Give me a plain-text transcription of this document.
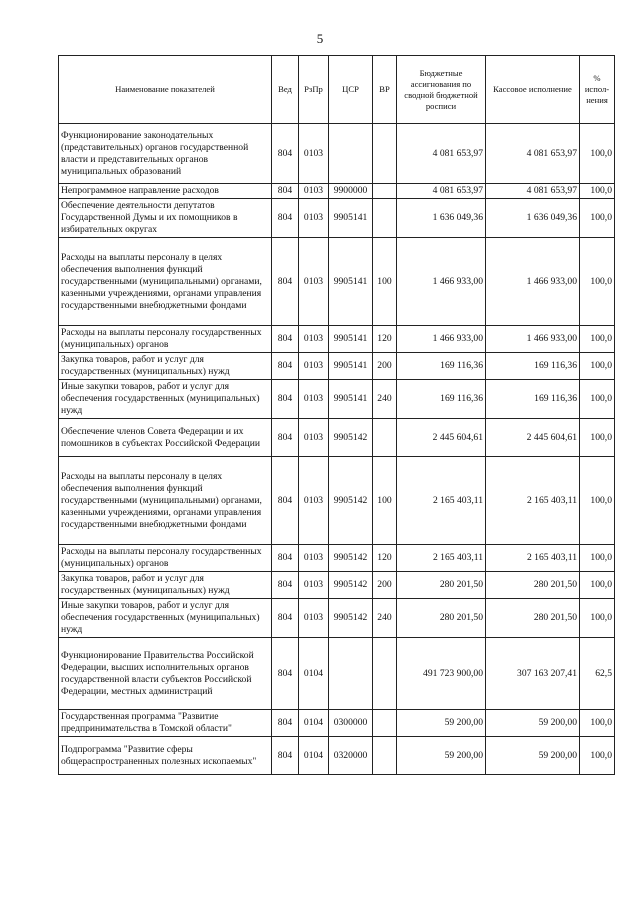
5
Наименование показателей	Вед	РзПр	ЦСР	ВР	Бюджетные ассигнования по сводной бюджетной росписи	Кассовое исполнение	% испол-нения
Функционирование законодательных (представительных) органов государственной власти и представительных органов муниципальных образований	804	0103			4 081 653,97	4 081 653,97	100,0
Непрограммное направление расходов	804	0103	9900000		4 081 653,97	4 081 653,97	100,0
Обеспечение деятельности депутатов Государственной Думы и их помощников в избирательных округах	804	0103	9905141		1 636 049,36	1 636 049,36	100,0
Расходы на выплаты персоналу в целях обеспечения выполнения функций государственными (муниципальными) органами, казенными учреждениями, органами управления государственными внебюджетными фондами	804	0103	9905141	100	1 466 933,00	1 466 933,00	100,0
Расходы на выплаты персоналу государственных (муниципальных) органов	804	0103	9905141	120	1 466 933,00	1 466 933,00	100,0
Закупка товаров, работ и услуг для государственных (муниципальных) нужд	804	0103	9905141	200	169 116,36	169 116,36	100,0
Иные закупки товаров, работ и услуг для обеспечения государственных (муниципальных) нужд	804	0103	9905141	240	169 116,36	169 116,36	100,0
Обеспечение членов Совета Федерации и их помошников в субъектах Российской Федерации	804	0103	9905142		2 445 604,61	2 445 604,61	100,0
Расходы на выплаты персоналу в целях обеспечения выполнения функций государственными (муниципальными) органами, казенными учреждениями, органами управления государственными внебюджетными фондами	804	0103	9905142	100	2 165 403,11	2 165 403,11	100,0
Расходы на выплаты персоналу государственных (муниципальных) органов	804	0103	9905142	120	2 165 403,11	2 165 403,11	100,0
Закупка товаров, работ и услуг для государственных (муниципальных) нужд	804	0103	9905142	200	280 201,50	280 201,50	100,0
Иные закупки товаров, работ и услуг для обеспечения государственных (муниципальных) нужд	804	0103	9905142	240	280 201,50	280 201,50	100,0
Функционирование Правительства Российской Федерации, высших исполнительных органов государственной власти субъектов Российской Федерации, местных администраций	804	0104			491 723 900,00	307 163 207,41	62,5
Государственная программа "Развитие предпринимательства в Томской области"	804	0104	0300000		59 200,00	59 200,00	100,0
Подпрограмма "Развитие сферы общераспространенных полезных ископаемых"	804	0104	0320000		59 200,00	59 200,00	100,0
